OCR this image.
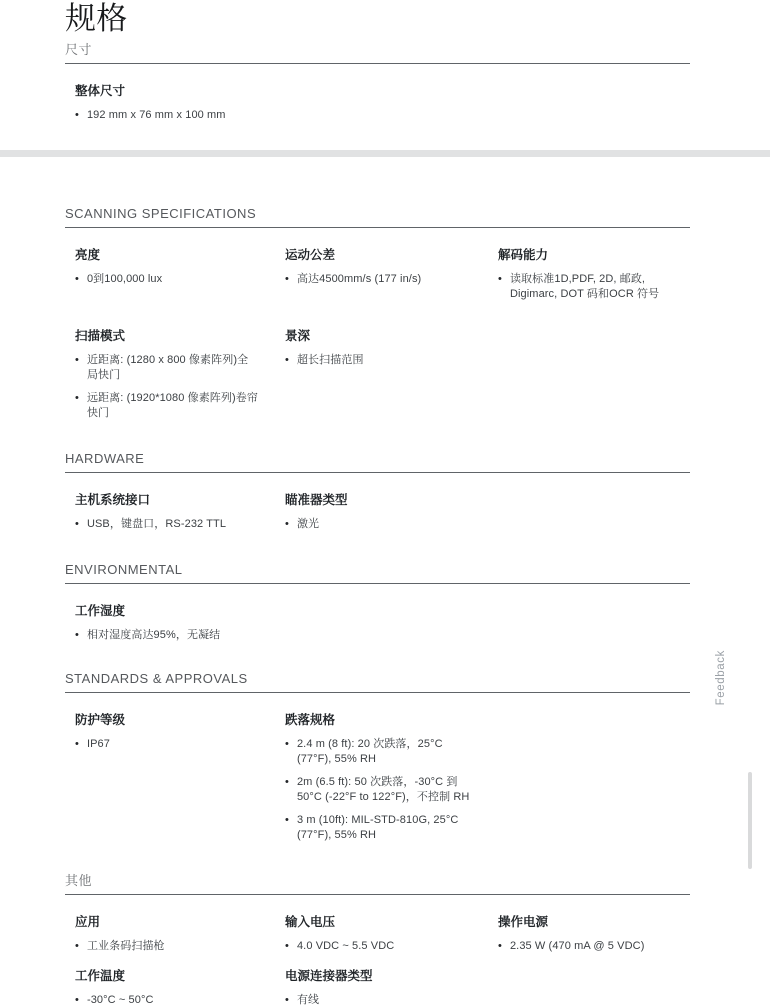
规格
尺寸
整体尺寸
• 192 mm x 76 mm x 100 mm
SCANNING SPECIFICATIONS
亮度
• 0到100,000 lux
运动公差
• 高达4500mm/s (177 in/s)
解码能力
• 读取标准1D,PDF, 2D, 邮政, Digimarc, DOT 码和OCR 符号
扫描模式
• 近距离: (1280 x 800 像素阵列)全局快门
• 远距离: (1920*1080 像素阵列)卷帘快门
景深
• 超长扫描范围
HARDWARE
主机系统接口
• USB，键盘口，RS-232 TTL
瞄准器类型
• 激光
ENVIRONMENTAL
工作湿度
• 相对湿度高达95%，无凝结
STANDARDS & APPROVALS
防护等级
• IP67
跌落规格
• 2.4 m (8 ft): 20 次跌落，25°C (77°F), 55% RH
• 2m (6.5 ft): 50 次跌落，-30°C 到 50°C (-22°F to 122°F)，不控制 RH
• 3 m (10ft): MIL-STD-810G, 25°C (77°F), 55% RH
其他
应用
• 工业条码扫描枪
输入电压
• 4.0 VDC ~ 5.5 VDC
操作电源
• 2.35 W (470 mA @ 5 VDC)
工作温度
• -30°C ~ 50°C
电源连接器类型
• 有线
Feedback
